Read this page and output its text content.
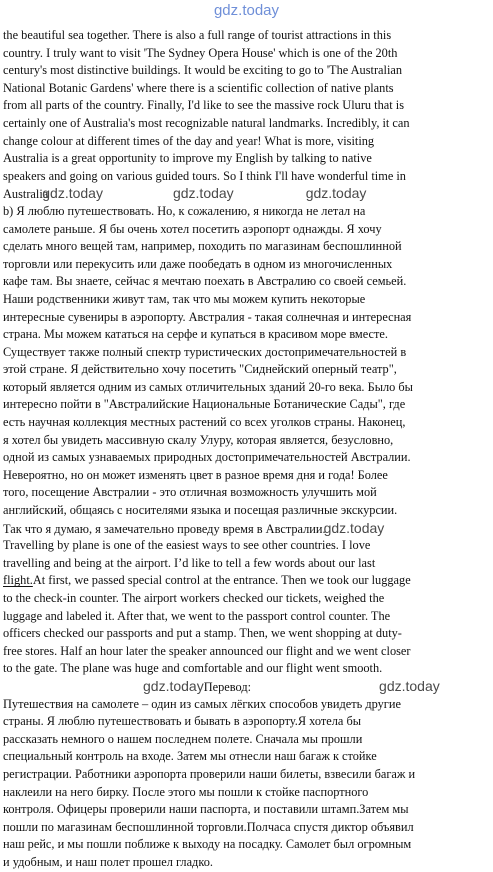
gdz.today
the beautiful sea together. There is also a full range of tourist attractions in this
country. I truly want to visit 'The Sydney Opera House' which is one of the 20th
century's most distinctive buildings. It would be exciting to go to 'The Australian
National Botanic Gardens' where there is a scientific collection of native plants
from all parts of the country. Finally, I'd like to see the massive rock Uluru that is
certainly one of Australia's most recognizable natural landmarks. Incredibly, it can
change colour at different times of the day and year! What is more, visiting
Australia is a great opportunity to improve my English by talking to native
speakers and going on various guided tours. So I think I'll have wonderful time in
Australia
gdz.today	gdz.today	gdz.today
b) Я люблю путешествовать. Но, к сожалению, я никогда не летал на
самолете раньше. Я бы очень хотел посетить аэропорт однажды. Я хочу
сделать много вещей там, например, походить по магазинам беспошлинной
торговли или перекусить или даже пообедать в одном из многочисленных
кафе там. Вы знаете, сейчас я мечтаю поехать в Австралию со своей семьей.
Наши родственники живут там, так что мы можем купить некоторые
интересные сувениры в аэропорту. Австралия - такая солнечная и интересная
страна. Мы можем кататься на серфе и купаться в красивом море вместе.
Существует также полный спектр туристических достопримечательностей в
этой стране. Я действительно хочу посетить "Сиднейский оперный театр",
который является одним из самых отличительных зданий 20-го века. Было бы
интересно пойти в "Австралийские Национальные Ботанические Сады", где
есть научная коллекция местных растений со всех уголков страны. Наконец,
я хотел бы увидеть массивную скалу Улуру, которая является, безусловно,
одной из самых узнаваемых природных достопримечательностей Австралии.
Невероятно, но он может изменять цвет в разное время дня и года! Более
того, посещение Австралии - это отличная возможность улучшить мой
английский, общаясь с носителями языка и посещая различные экскурсии.
Так что я думаю, я замечательно проведу время в Австралии.
gdz.today
Travelling by plane is one of the easiest ways to see other countries. I love
travelling and being at the airport. I’d like to tell a few words about our last
flight. At first, we passed special control at the entrance. Then we took our luggage
to the check-in counter. The airport workers checked our tickets, weighed the
luggage and labeled it. After that, we went to the passport control counter. The
officers checked our passports and put a stamp. Then, we went shopping at duty-
free stores. Half an hour later the speaker announced our flight and we went closer
to the gate. The plane was huge and comfortable and our flight went smooth.
gdz.today Перевод:	gdz.today
Путешествия на самолете – один из самых лёгких способов увидеть другие
страны. Я люблю путешествовать и бывать в аэропорту. Я хотела бы
рассказать немного о нашем последнем полете. Сначала мы прошли
специальный контроль на входе. Затем мы отнесли наш багаж к стойке
регистрации. Работники аэропорта проверили наши билеты, взвесили багаж и
наклеили на него бирку. После этого мы пошли к стойке паспортного
контроля. Офицеры проверили наши паспорта, и поставили штамп. Затем мы
пошли по магазинам беспошлинной торговли. Полчаса спустя диктор объявил
наш рейс, и мы пошли поближе к выходу на посадку. Самолет был огромным
и удобным, и наш полет прошел гладко.
